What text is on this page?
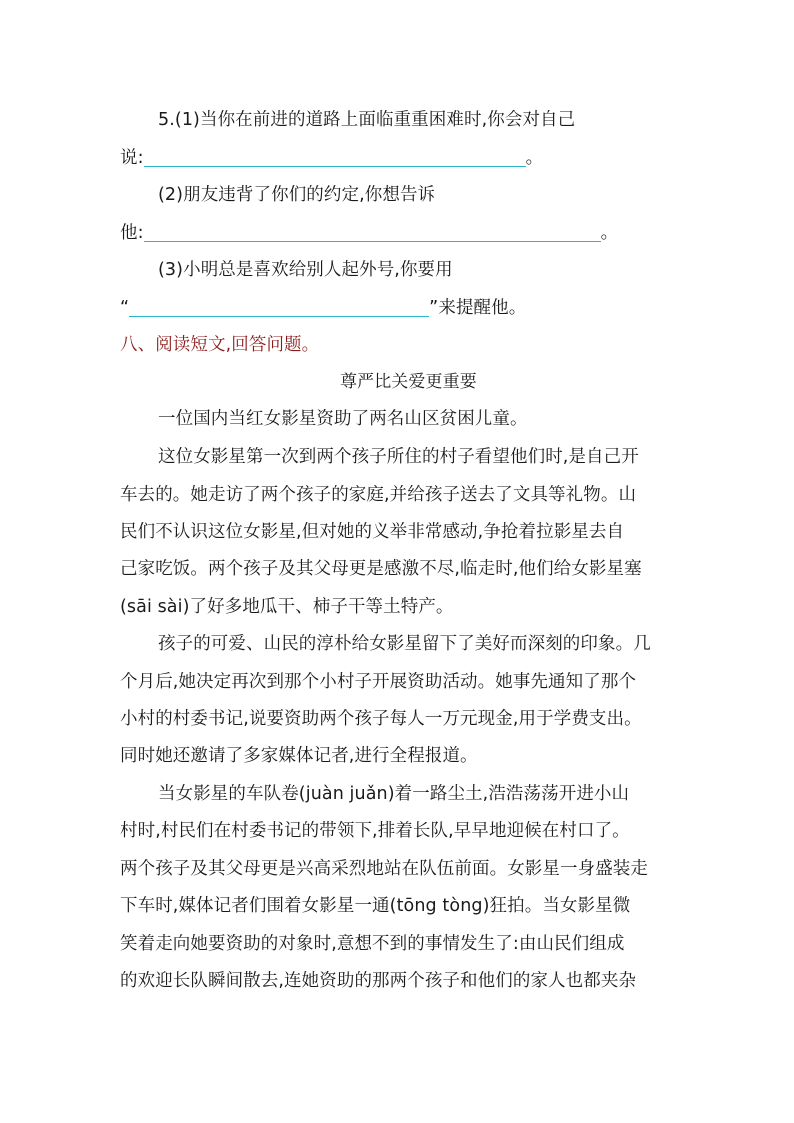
5.(1)当你在前进的道路上面临重重困难时,你会对自己
说:	。
(2)朋友违背了你们的约定,你想告诉
他:	。
(3)小明总是喜欢给别人起外号,你要用
“	”来提醒他。
八、阅读短文,回答问题。
尊严比关爱更重要
一位国内当红女影星资助了两名山区贫困儿童。
这位女影星第一次到两个孩子所住的村子看望他们时,是自己开
车去的。她走访了两个孩子的家庭,并给孩子送去了文具等礼物。山
民们不认识这位女影星,但对她的义举非常感动,争抢着拉影星去自
己家吃饭。两个孩子及其父母更是感激不尽,临走时,他们给女影星塞
(sāi sài)了好多地瓜干、柿子干等土特产。
孩子的可爱、山民的淳朴给女影星留下了美好而深刻的印象。几
个月后,她决定再次到那个小村子开展资助活动。她事先通知了那个
小村的村委书记,说要资助两个孩子每人一万元现金,用于学费支出。
同时她还邀请了多家媒体记者,进行全程报道。
当女影星的车队卷(juàn juǎn)着一路尘土,浩浩荡荡开进小山
村时,村民们在村委书记的带领下,排着长队,早早地迎候在村口了。
两个孩子及其父母更是兴高采烈地站在队伍前面。女影星一身盛装走
下车时,媒体记者们围着女影星一通(tōng tòng)狂拍。当女影星微
笑着走向她要资助的对象时,意想不到的事情发生了:由山民们组成
的欢迎长队瞬间散去,连她资助的那两个孩子和他们的家人也都夹杂
